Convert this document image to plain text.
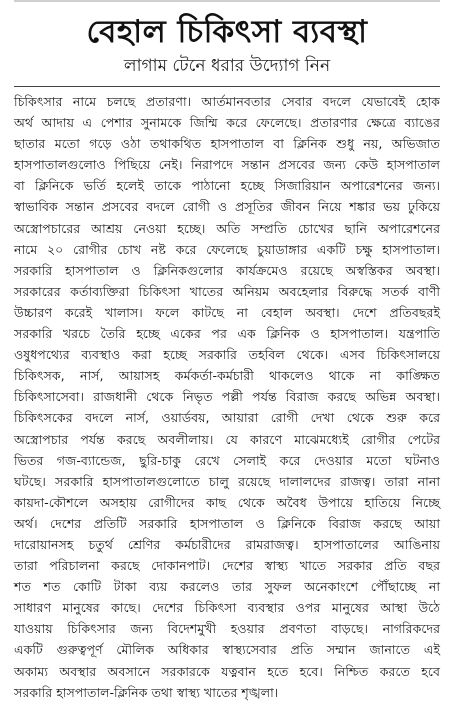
বেহাল চিকিৎসা ব্যবস্থা
লাগাম টেনে ধরার উদ্যোগ নিন
চিকিৎসার নামে চলছে প্রতারণা। আর্তমানবতার সেবার বদলে যেভাবেই হোক
অর্থ আদায় এ পেশার সুনামকে জিম্মি করে ফেলেছে। প্রতারণার ক্ষেত্রে ব্যাঙের
ছাতার মতো গড়ে ওঠা তথাকথিত হাসপাতাল বা ক্লিনিক শুধু নয়, অভিজাত
হাসপাতালগুলোও পিছিয়ে নেই। নিরাপদে সন্তান প্রসবের জন্য কেউ হাসপাতাল
বা ক্লিনিকে ভর্তি হলেই তাকে পাঠানো হচ্ছে সিজারিয়ান অপারেশনের জন্য।
স্বাভাবিক সন্তান প্রসবের বদলে রোগী ও প্রসূতির জীবন নিয়ে শঙ্কার ভয় ঢুকিয়ে
অস্ত্রোপচারের আশ্রয় নেওয়া হচ্ছে। অতি সম্প্রতি চোখের ছানি অপারেশনের
নামে ২০ রোগীর চোখ নষ্ট করে ফেলেছে চুয়াডাঙ্গার একটি চক্ষু হাসপাতাল।
সরকারি হাসপাতাল ও ক্লিনিকগুলোর কার্যক্রমেও রয়েছে অস্বস্তিকর অবস্থা।
সরকারের কর্তাব্যক্তিরা চিকিৎসা খাতের অনিয়ম অবহেলার বিরুদ্ধে সতর্ক বাণী
উচ্চারণ করেই খালাস। ফলে কাটছে না বেহাল অবস্থা। দেশে প্রতিবছরই
সরকারি খরচে তৈরি হচ্ছে একের পর এক ক্লিনিক ও হাসপাতাল। যন্ত্রপাতি
ওষুধপথ্যের ব্যবস্থাও করা হচ্ছে সরকারি তহবিল থেকে। এসব চিকিৎসালয়ে
চিকিৎসক, নার্স, আয়াসহ কর্মকর্তা-কর্মচারী থাকলেও থাকে না কাঙ্ক্ষিত
চিকিৎসাসেবা। রাজধানী থেকে নিভৃত পল্লী পর্যন্ত বিরাজ করছে অভিন্ন অবস্থা।
চিকিৎসকের বদলে নার্স, ওয়ার্ডবয়, আয়ারা রোগী দেখা থেকে শুরু করে
অস্ত্রোপচার পর্যন্ত করছে অবলীলায়। যে কারণে মাঝেমধ্যেই রোগীর পেটের
ভিতর গজ-ব্যান্ডেজ, ছুরি-চাকু রেখে সেলাই করে দেওয়ার মতো ঘটনাও
ঘটছে। সরকারি হাসপাতালগুলোতে চালু রয়েছে দালালদের রাজত্ব। তারা নানা
কায়দা-কৌশলে অসহায় রোগীদের কাছ থেকে অবৈধ উপায়ে হাতিয়ে নিচ্ছে
অর্থ। দেশের প্রতিটি সরকারি হাসপাতাল ও ক্লিনিকে বিরাজ করছে আয়া
দারোয়ানসহ চতুর্থ শ্রেণির কর্মচারীদের রামরাজত্ব। হাসপাতালের আঙিনায়
তারা পরিচালনা করছে দোকানপাট। দেশের স্বাস্থ্য খাতে সরকার প্রতি বছর
শত শত কোটি টাকা ব্যয় করলেও তার সুফল অনেকাংশে পৌঁছাচ্ছে না
সাধারণ মানুষের কাছে। দেশের চিকিৎসা ব্যবস্থার ওপর মানুষের আস্থা উঠে
যাওয়ায় চিকিৎসার জন্য বিদেশমুখী হওয়ার প্রবণতা বাড়ছে। নাগরিকদের
একটি গুরুত্বপূর্ণ মৌলিক অধিকার স্বাস্থ্যসেবার প্রতি সম্মান জানাতে এই
অকাম্য অবস্থার অবসানে সরকারকে যত্নবান হতে হবে। নিশ্চিত করতে হবে
সরকারি হাসপাতাল-ক্লিনিক তথা স্বাস্থ্য খাতের শৃঙ্খলা।
